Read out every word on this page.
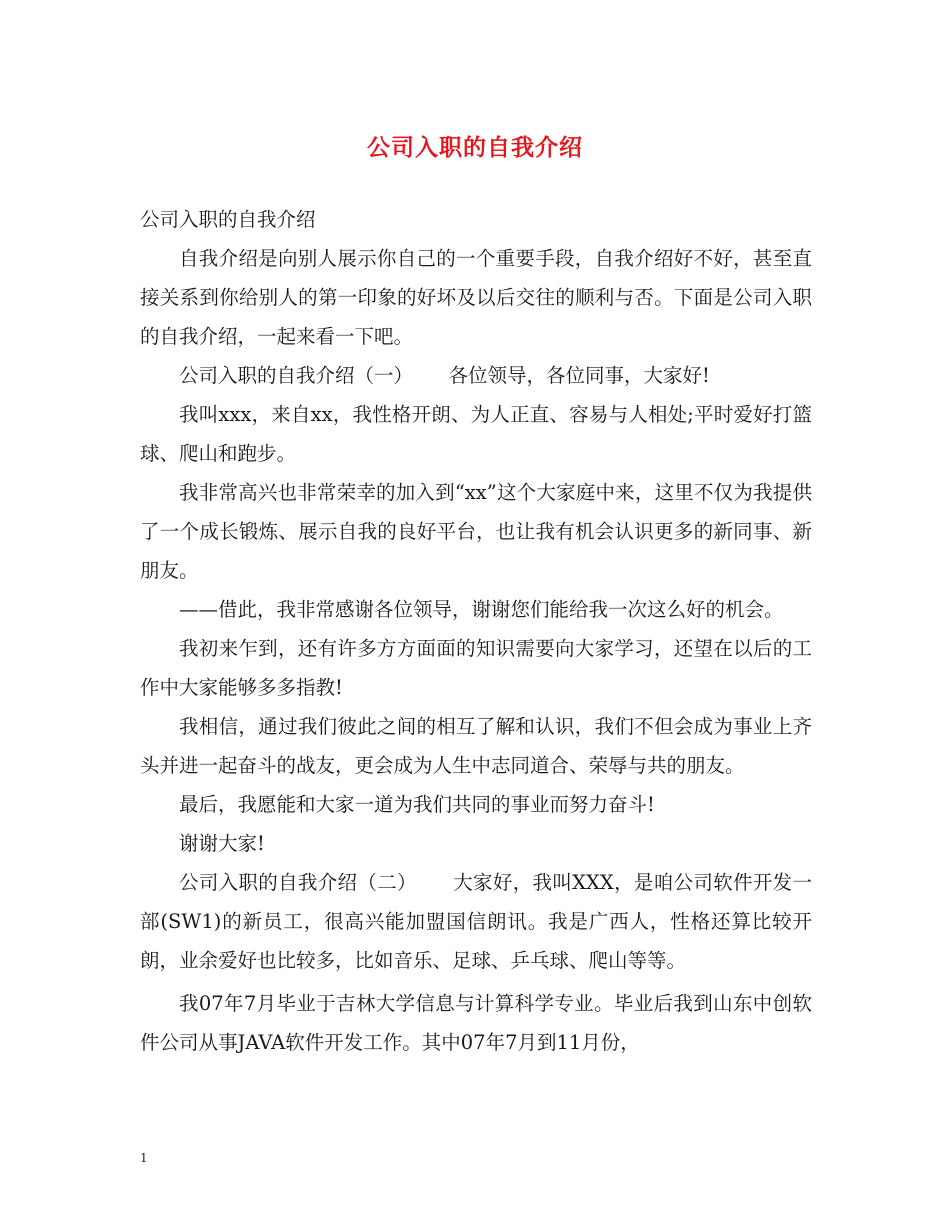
公司入职的自我介绍

公司入职的自我介绍

自我介绍是向别人展示你自己的一个重要手段，自我介绍好不好，甚至直接关系到你给别人的第一印象的好坏及以后交往的顺利与否。下面是公司入职的自我介绍，一起来看一下吧。

公司入职的自我介绍（一）　　 各位领导，各位同事，大家好!

我叫xxx，来自xx，我性格开朗、为人正直、容易与人相处;平时爱好打篮球、爬山和跑步。

我非常高兴也非常荣幸的加入到“xx”这个大家庭中来，这里不仅为我提供了一个成长锻炼、展示自我的良好平台，也让我有机会认识更多的新同事、新朋友。

——借此，我非常感谢各位领导，谢谢您们能给我一次这么好的机会。

我初来乍到，还有许多方方面面的知识需要向大家学习，还望在以后的工作中大家能够多多指教!

我相信，通过我们彼此之间的相互了解和认识，我们不但会成为事业上齐头并进一起奋斗的战友，更会成为人生中志同道合、荣辱与共的朋友。

最后，我愿能和大家一道为我们共同的事业而努力奋斗!

谢谢大家!

公司入职的自我介绍（二）　　 大家好，我叫XXX，是咱公司软件开发一部(SW1)的新员工，很高兴能加盟国信朗讯。我是广西人，性格还算比较开朗，业余爱好也比较多，比如音乐、足球、乒乓球、爬山等等。

我07年7月毕业于吉林大学信息与计算科学专业。毕业后我到山东中创软件公司从事JAVA软件开发工作。其中07年7月到11月份，

1
